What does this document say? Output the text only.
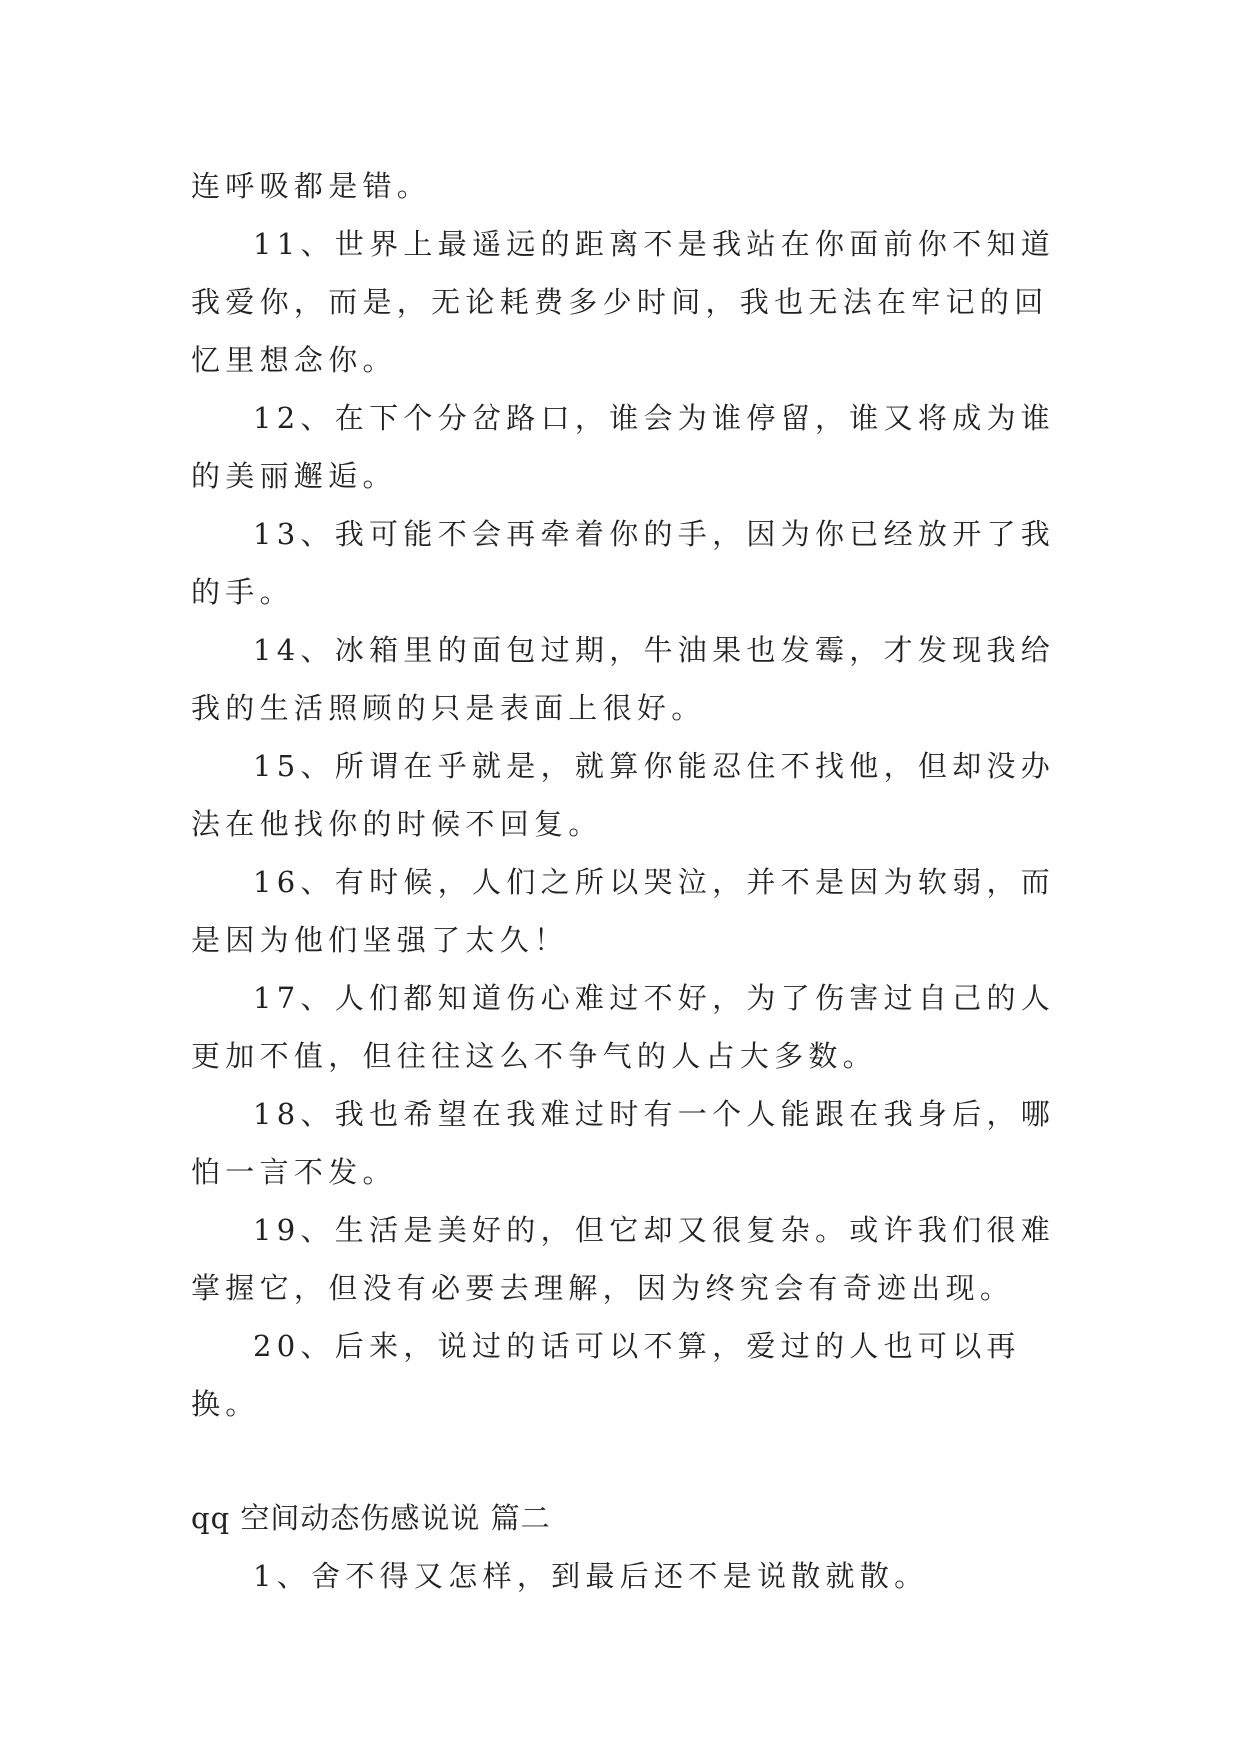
连呼吸都是错。

11、世界上最遥远的距离不是我站在你面前你不知道我爱你，而是，无论耗费多少时间，我也无法在牢记的回忆里想念你。

12、在下个分岔路口，谁会为谁停留，谁又将成为谁的美丽邂逅。

13、我可能不会再牵着你的手，因为你已经放开了我的手。

14、冰箱里的面包过期，牛油果也发霉，才发现我给我的生活照顾的只是表面上很好。

15、所谓在乎就是，就算你能忍住不找他，但却没办法在他找你的时候不回复。

16、有时候，人们之所以哭泣，并不是因为软弱，而是因为他们坚强了太久！

17、人们都知道伤心难过不好，为了伤害过自己的人更加不值，但往往这么不争气的人占大多数。

18、我也希望在我难过时有一个人能跟在我身后，哪怕一言不发。

19、生活是美好的，但它却又很复杂。或许我们很难掌握它，但没有必要去理解，因为终究会有奇迹出现。

20、后来，说过的话可以不算，爱过的人也可以再换。

qq 空间动态伤感说说 篇二

1、舍不得又怎样，到最后还不是说散就散。
